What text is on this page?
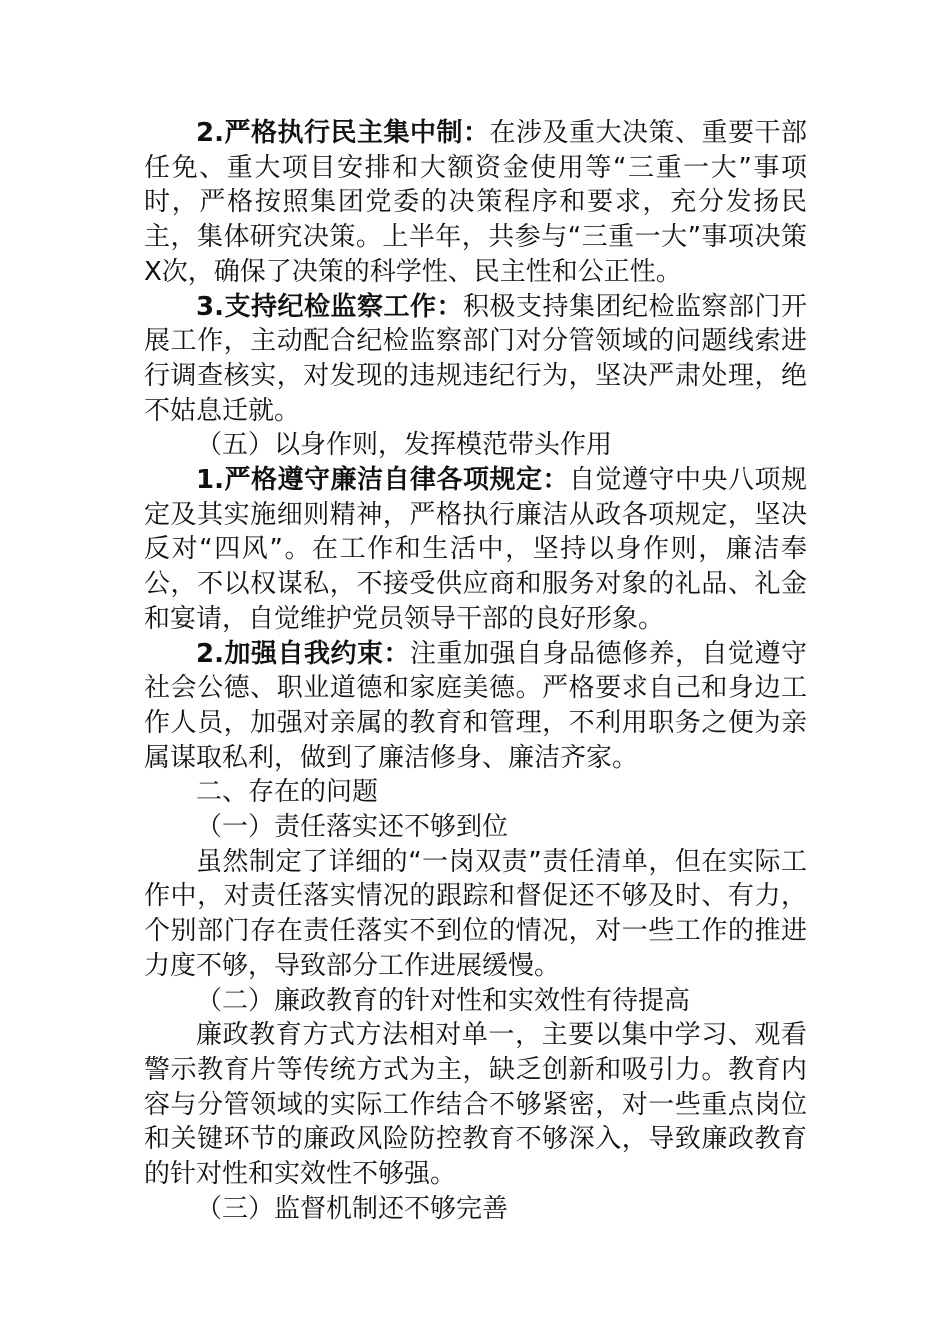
2.严格执行民主集中制：在涉及重大决策、重要干部任免、重大项目安排和大额资金使用等“三重一大”事项时，严格按照集团党委的决策程序和要求，充分发扬民主，集体研究决策。上半年，共参与“三重一大”事项决策X次，确保了决策的科学性、民主性和公正性。

3.支持纪检监察工作：积极支持集团纪检监察部门开展工作，主动配合纪检监察部门对分管领域的问题线索进行调查核实，对发现的违规违纪行为，坚决严肃处理，绝不姑息迁就。

（五）以身作则，发挥模范带头作用

1.严格遵守廉洁自律各项规定：自觉遵守中央八项规定及其实施细则精神，严格执行廉洁从政各项规定，坚决反对“四风”。在工作和生活中，坚持以身作则，廉洁奉公，不以权谋私，不接受供应商和服务对象的礼品、礼金和宴请，自觉维护党员领导干部的良好形象。

2.加强自我约束：注重加强自身品德修养，自觉遵守社会公德、职业道德和家庭美德。严格要求自己和身边工作人员，加强对亲属的教育和管理，不利用职务之便为亲属谋取私利，做到了廉洁修身、廉洁齐家。

二、存在的问题

（一）责任落实还不够到位

虽然制定了详细的“一岗双责”责任清单，但在实际工作中，对责任落实情况的跟踪和督促还不够及时、有力，个别部门存在责任落实不到位的情况，对一些工作的推进力度不够，导致部分工作进展缓慢。

（二）廉政教育的针对性和实效性有待提高

廉政教育方式方法相对单一，主要以集中学习、观看警示教育片等传统方式为主，缺乏创新和吸引力。教育内容与分管领域的实际工作结合不够紧密，对一些重点岗位和关键环节的廉政风险防控教育不够深入，导致廉政教育的针对性和实效性不够强。

（三）监督机制还不够完善
